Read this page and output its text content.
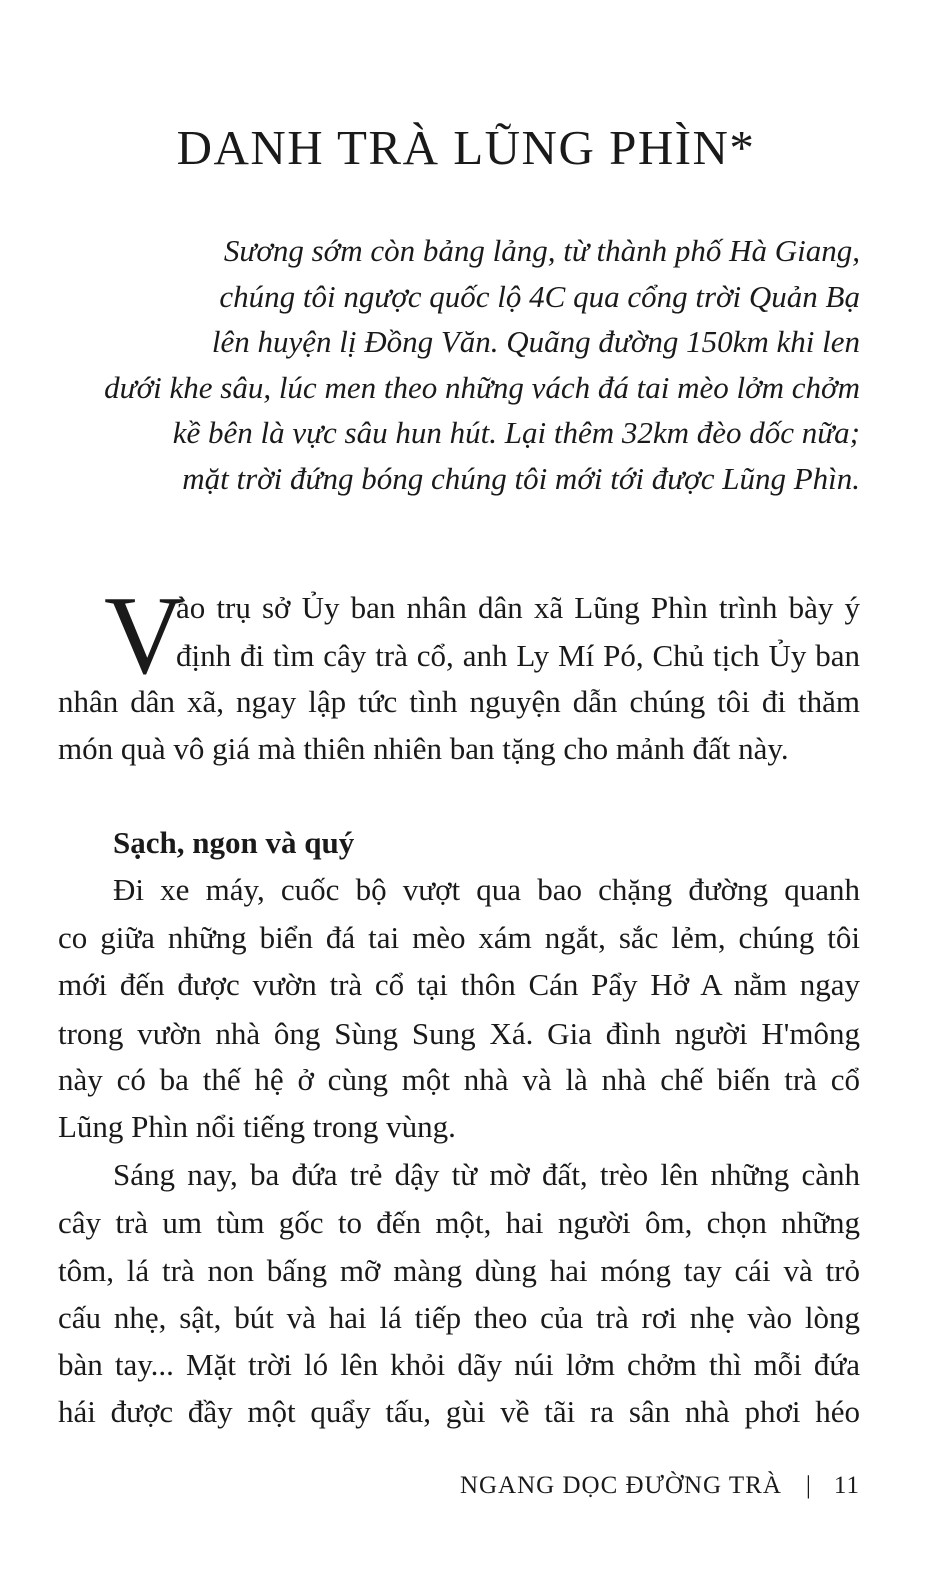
DANH TRÀ LŨNG PHÌN*
Sương sớm còn bảng lảng, từ thành phố Hà Giang,
chúng tôi ngược quốc lộ 4C qua cổng trời Quản Bạ
lên huyện lị Đồng Văn. Quãng đường 150km khi len
dưới khe sâu, lúc men theo những vách đá tai mèo lởm chởm
kề bên là vực sâu hun hút. Lại thêm 32km đèo dốc nữa;
mặt trời đứng bóng chúng tôi mới tới được Lũng Phìn.
V
ào trụ sở Ủy ban nhân dân xã Lũng Phìn trình bày ý
định đi tìm cây trà cổ, anh Ly Mí Pó, Chủ tịch Ủy ban
nhân dân xã, ngay lập tức tình nguyện dẫn chúng tôi đi thăm
món quà vô giá mà thiên nhiên ban tặng cho mảnh đất này.
Sạch, ngon và quý
Đi xe máy, cuốc bộ vượt qua bao chặng đường quanh
co giữa những biển đá tai mèo xám ngắt, sắc lẻm, chúng tôi
mới đến được vườn trà cổ tại thôn Cán Pẩy Hở A nằm ngay
trong vườn nhà ông Sùng Sung Xá. Gia đình người H'mông
này có ba thế hệ ở cùng một nhà và là nhà chế biến trà cổ
Lũng Phìn nổi tiếng trong vùng.
Sáng nay, ba đứa trẻ dậy từ mờ đất, trèo lên những cành
cây trà um tùm gốc to đến một, hai người ôm, chọn những
tôm, lá trà non bấng mỡ màng dùng hai móng tay cái và trỏ
cấu nhẹ, sật, bút và hai lá tiếp theo của trà rơi nhẹ vào lòng
bàn tay... Mặt trời ló lên khỏi dãy núi lởm chởm thì mỗi đứa
hái được đầy một quẩy tấu, gùi về tãi ra sân nhà phơi héo
NGANG DỌC ĐƯỜNG TRÀ | 11
